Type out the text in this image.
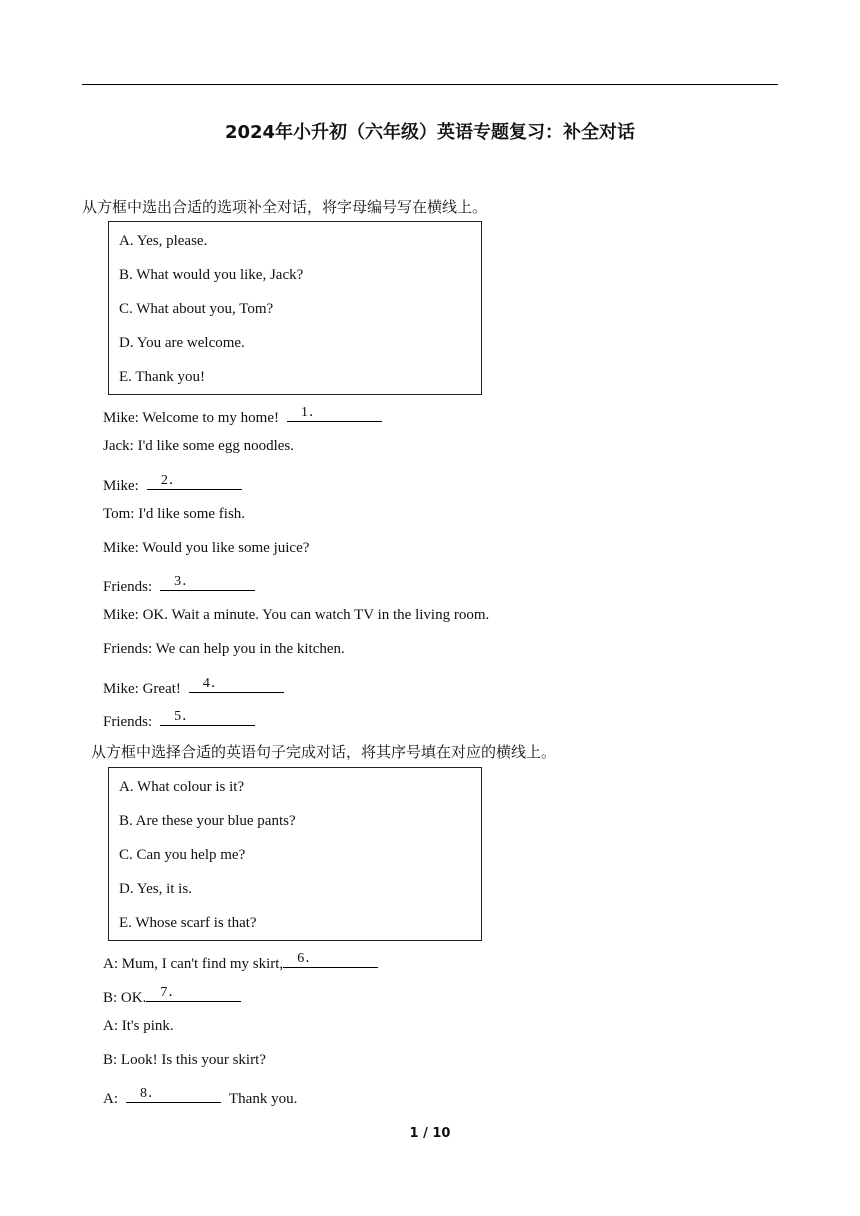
2024年小升初（六年级）英语专题复习：补全对话
从方框中选出合适的选项补全对话，将字母编号写在横线上。
A. Yes, please.
B. What would you like, Jack?
C. What about you, Tom?
D. You are welcome.
E. Thank you!
Mike: Welcome to my home! 1．
Jack: I'd like some egg noodles.
Mike: 2．
Tom: I'd like some fish.
Mike: Would you like some juice?
Friends: 3．
Mike: OK. Wait a minute. You can watch TV in the living room.
Friends: We can help you in the kitchen.
Mike: Great! 4．
Friends: 5．
从方框中选择合适的英语句子完成对话，将其序号填在对应的横线上。
A. What colour is it?
B. Are these your blue pants?
C. Can you help me?
D. Yes, it is.
E. Whose scarf is that?
A: Mum, I can't find my skirt, 6．
B: OK. 7．
A: It's pink.
B: Look! Is this your skirt?
A: 8．	Thank you.
1 / 10
